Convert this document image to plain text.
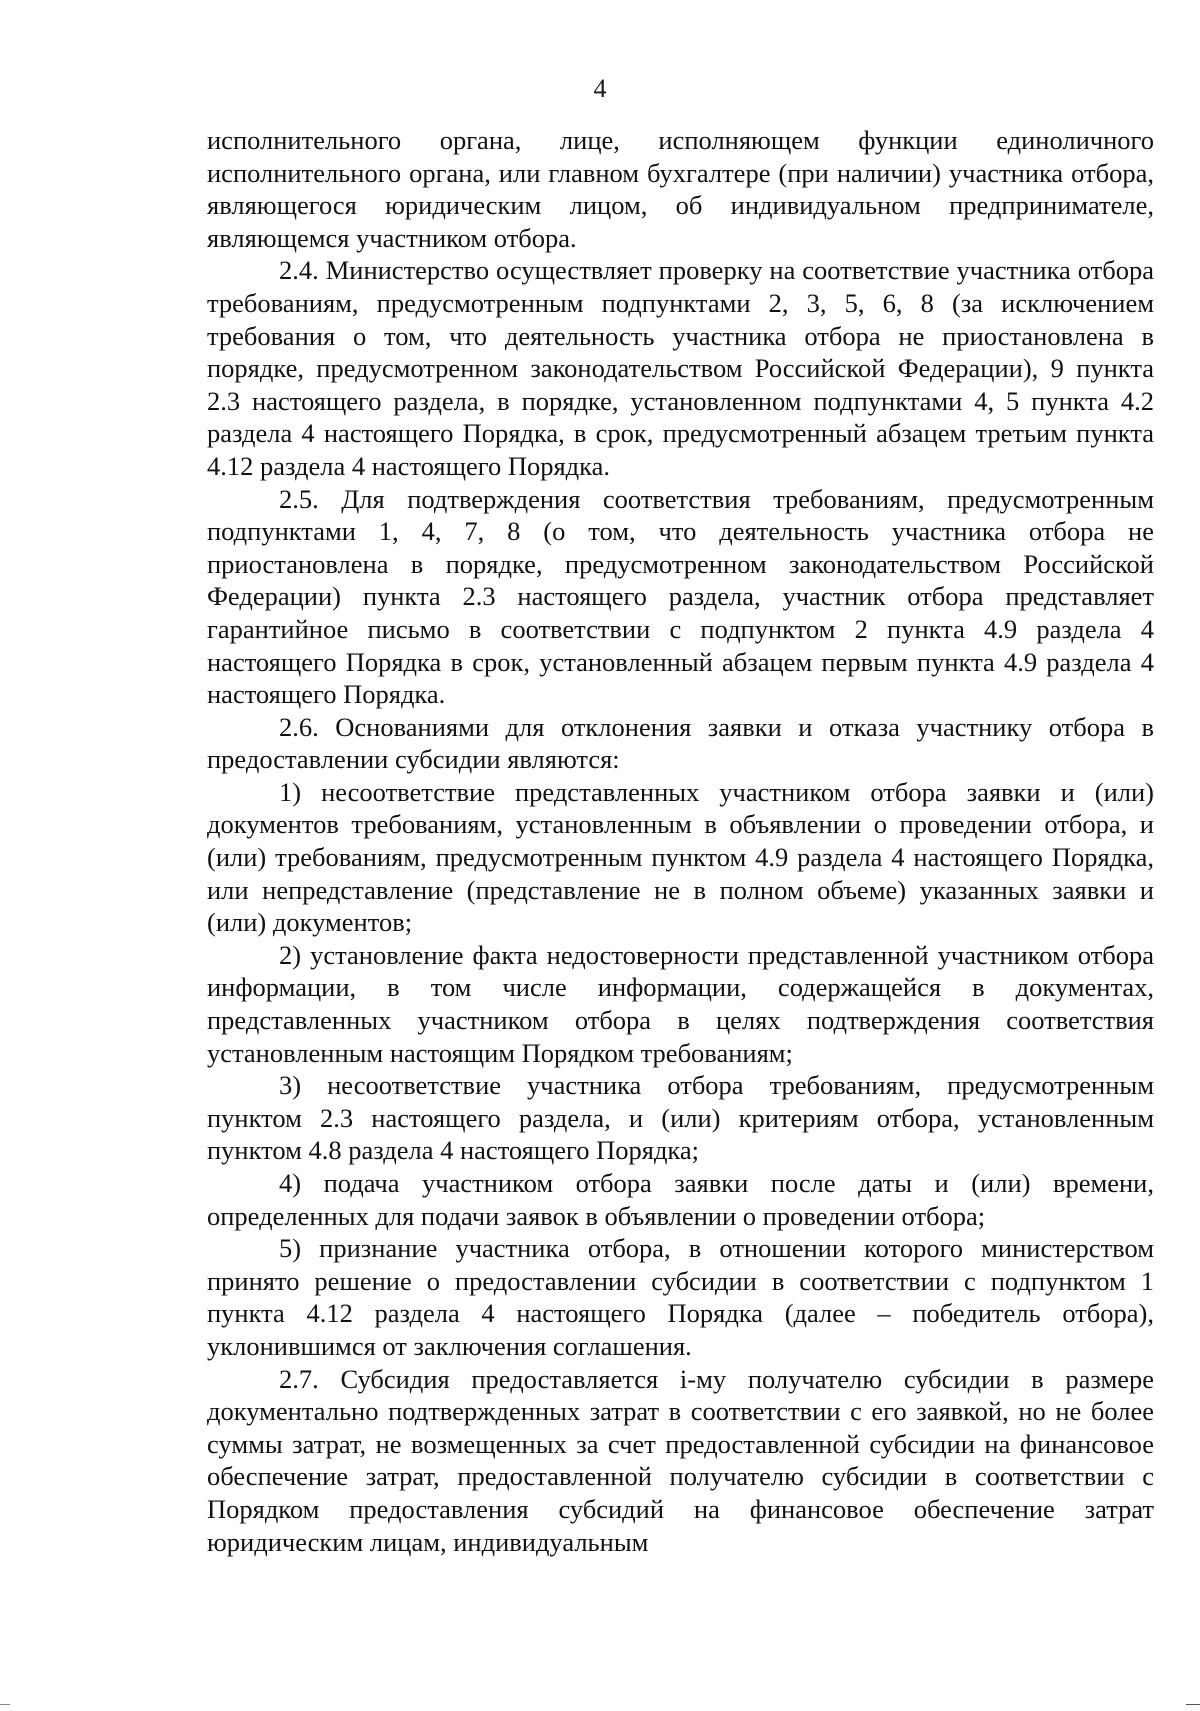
4

исполнительного органа, лице, исполняющем функции единоличного исполнительного органа, или главном бухгалтере (при наличии) участника отбора, являющегося юридическим лицом, об индивидуальном предпринимателе, являющемся участником отбора.

2.4. Министерство осуществляет проверку на соответствие участника отбора требованиям, предусмотренным подпунктами 2, 3, 5, 6, 8 (за исключением требования о том, что деятельность участника отбора не приостановлена в порядке, предусмотренном законодательством Российской Федерации), 9 пункта 2.3 настоящего раздела, в порядке, установленном подпунктами 4, 5 пункта 4.2 раздела 4 настоящего Порядка, в срок, предусмотренный абзацем третьим пункта 4.12 раздела 4 настоящего Порядка.

2.5. Для подтверждения соответствия требованиям, предусмотренным подпунктами 1, 4, 7, 8 (о том, что деятельность участника отбора не приостановлена в порядке, предусмотренном законодательством Российской Федерации) пункта 2.3 настоящего раздела, участник отбора представляет гарантийное письмо в соответствии с подпунктом 2 пункта 4.9 раздела 4 настоящего Порядка в срок, установленный абзацем первым пункта 4.9 раздела 4 настоящего Порядка.

2.6. Основаниями для отклонения заявки и отказа участнику отбора в предоставлении субсидии являются:

1) несоответствие представленных участником отбора заявки и (или) документов требованиям, установленным в объявлении о проведении отбора, и (или) требованиям, предусмотренным пунктом 4.9 раздела 4 настоящего Порядка, или непредставление (представление не в полном объеме) указанных заявки и (или) документов;

2) установление факта недостоверности представленной участником отбора информации, в том числе информации, содержащейся в документах, представленных участником отбора в целях подтверждения соответствия установленным настоящим Порядком требованиям;

3) несоответствие участника отбора требованиям, предусмотренным пунктом 2.3 настоящего раздела, и (или) критериям отбора, установленным пунктом 4.8 раздела 4 настоящего Порядка;

4) подача участником отбора заявки после даты и (или) времени, определенных для подачи заявок в объявлении о проведении отбора;

5) признание участника отбора, в отношении которого министерством принято решение о предоставлении субсидии в соответствии с подпунктом 1 пункта 4.12 раздела 4 настоящего Порядка (далее – победитель отбора), уклонившимся от заключения соглашения.

2.7. Субсидия предоставляется i-му получателю субсидии в размере документально подтвержденных затрат в соответствии с его заявкой, но не более суммы затрат, не возмещенных за счет предоставленной субсидии на финансовое обеспечение затрат, предоставленной получателю субсидии в соответствии с Порядком предоставления субсидий на финансовое обеспечение затрат юридическим лицам, индивидуальным
